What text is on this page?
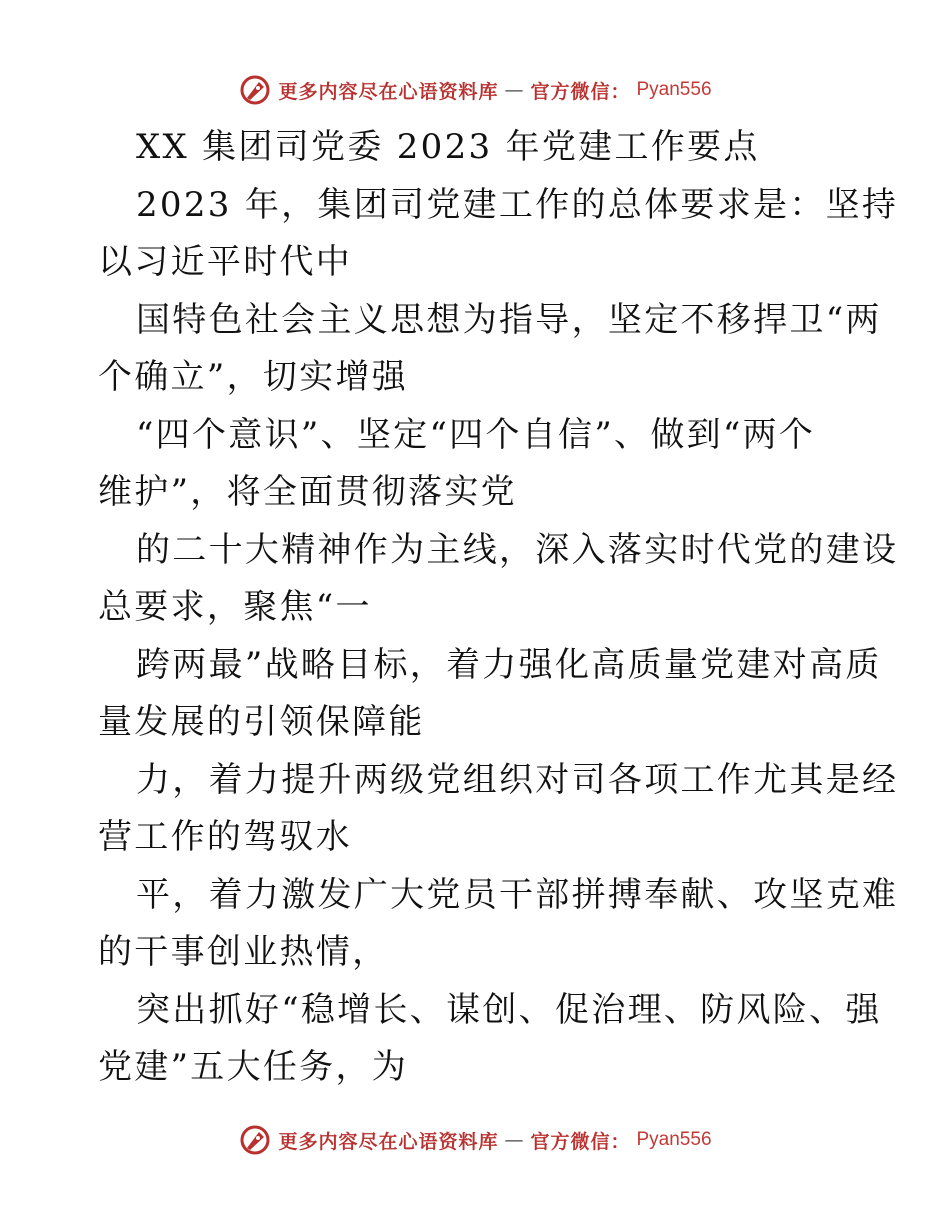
更多内容尽在心语资料库 — 官方微信： Pyan556
XX 集团司党委 2023 年党建工作要点
2023 年，集团司党建工作的总体要求是：坚持
以习近平时代中
国特色社会主义思想为指导，坚定不移捍卫“两
个确立”，切实增强
“四个意识”、坚定“四个自信”、做到“两个
维护”，将全面贯彻落实党
的二十大精神作为主线，深入落实时代党的建设
总要求，聚焦“一
跨两最”战略目标，着力强化高质量党建对高质
量发展的引领保障能
力，着力提升两级党组织对司各项工作尤其是经
营工作的驾驭水
平，着力激发广大党员干部拼搏奉献、攻坚克难
的干事创业热情，
突出抓好“稳增长、谋创、促治理、防风险、强
党建”五大任务，为
更多内容尽在心语资料库 — 官方微信： Pyan556
